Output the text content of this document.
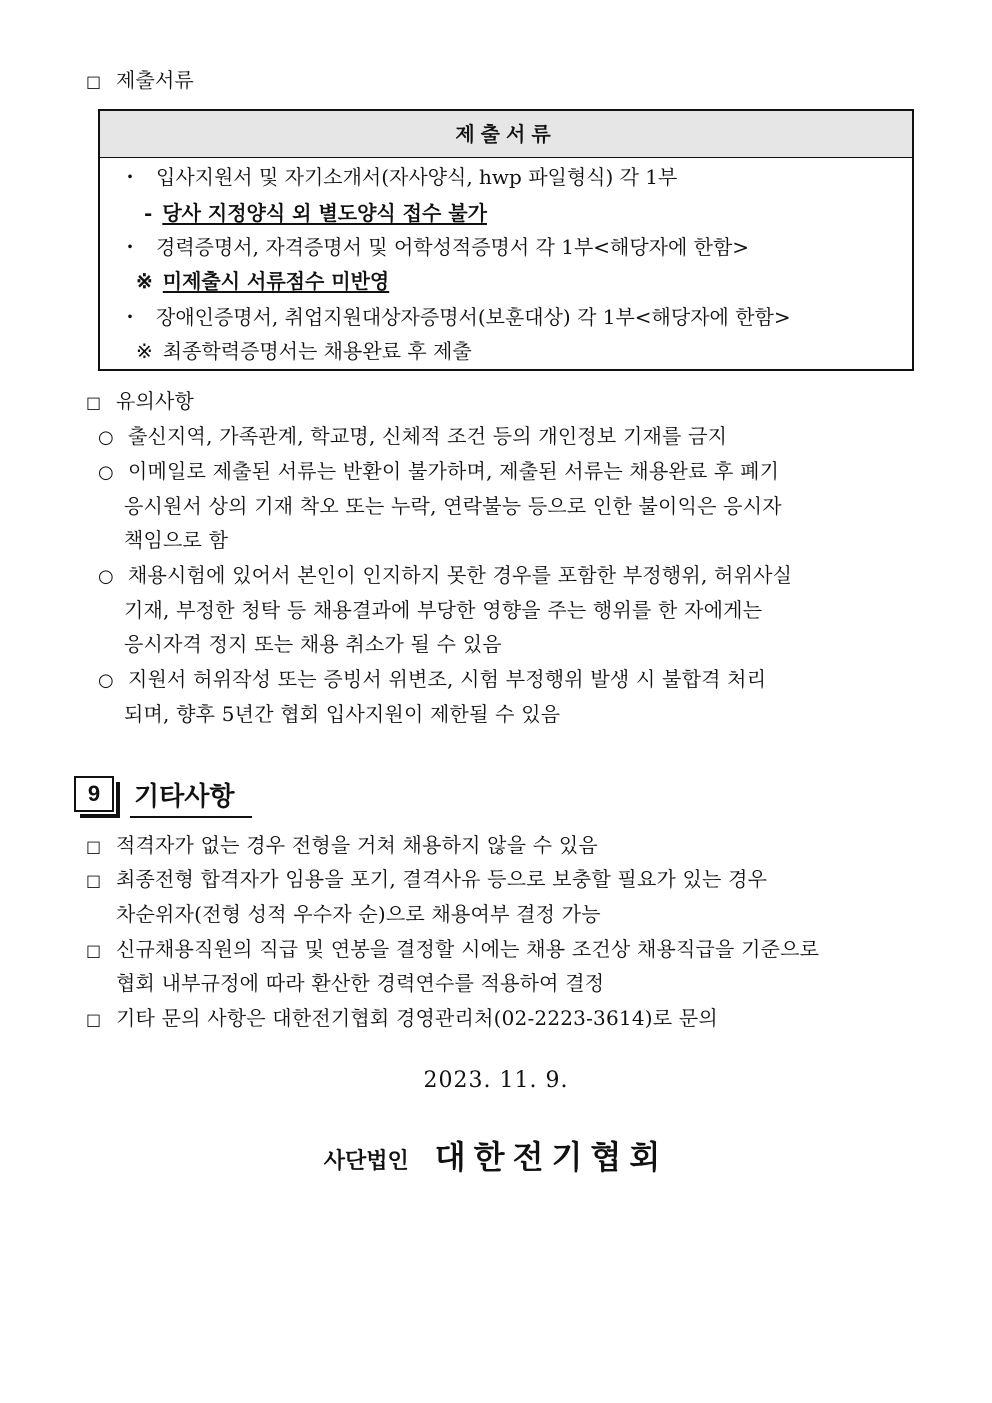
□ 제출서류
제출서류
・ 입사지원서 및 자기소개서(자사양식, hwp 파일형식) 각 1부
- 당사 지정양식 외 별도양식 접수 불가
・ 경력증명서, 자격증명서 및 어학성적증명서 각 1부<해당자에 한함>
※ 미제출시 서류점수 미반영
・ 장애인증명서, 취업지원대상자증명서(보훈대상) 각 1부<해당자에 한함>
※ 최종학력증명서는 채용완료 후 제출
□ 유의사항
○ 출신지역, 가족관계, 학교명, 신체적 조건 등의 개인정보 기재를 금지
○ 이메일로 제출된 서류는 반환이 불가하며, 제출된 서류는 채용완료 후 폐기
응시원서 상의 기재 착오 또는 누락, 연락불능 등으로 인한 불이익은 응시자
책임으로 함
○ 채용시험에 있어서 본인이 인지하지 못한 경우를 포함한 부정행위, 허위사실
기재, 부정한 청탁 등 채용결과에 부당한 영향을 주는 행위를 한 자에게는
응시자격 정지 또는 채용 취소가 될 수 있음
○ 지원서 허위작성 또는 증빙서 위변조, 시험 부정행위 발생 시 불합격 처리
되며, 향후 5년간 협회 입사지원이 제한될 수 있음
9	기타사항
□ 적격자가 없는 경우 전형을 거쳐 채용하지 않을 수 있음
□ 최종전형 합격자가 임용을 포기, 결격사유 등으로 보충할 필요가 있는 경우
차순위자(전형 성적 우수자 순)으로 채용여부 결정 가능
□ 신규채용직원의 직급 및 연봉을 결정할 시에는 채용 조건상 채용직급을 기준으로
협회 내부규정에 따라 환산한 경력연수를 적용하여 결정
□ 기타 문의 사항은 대한전기협회 경영관리처(02-2223-3614)로 문의
2023. 11. 9.
사단법인 대한전기협회
